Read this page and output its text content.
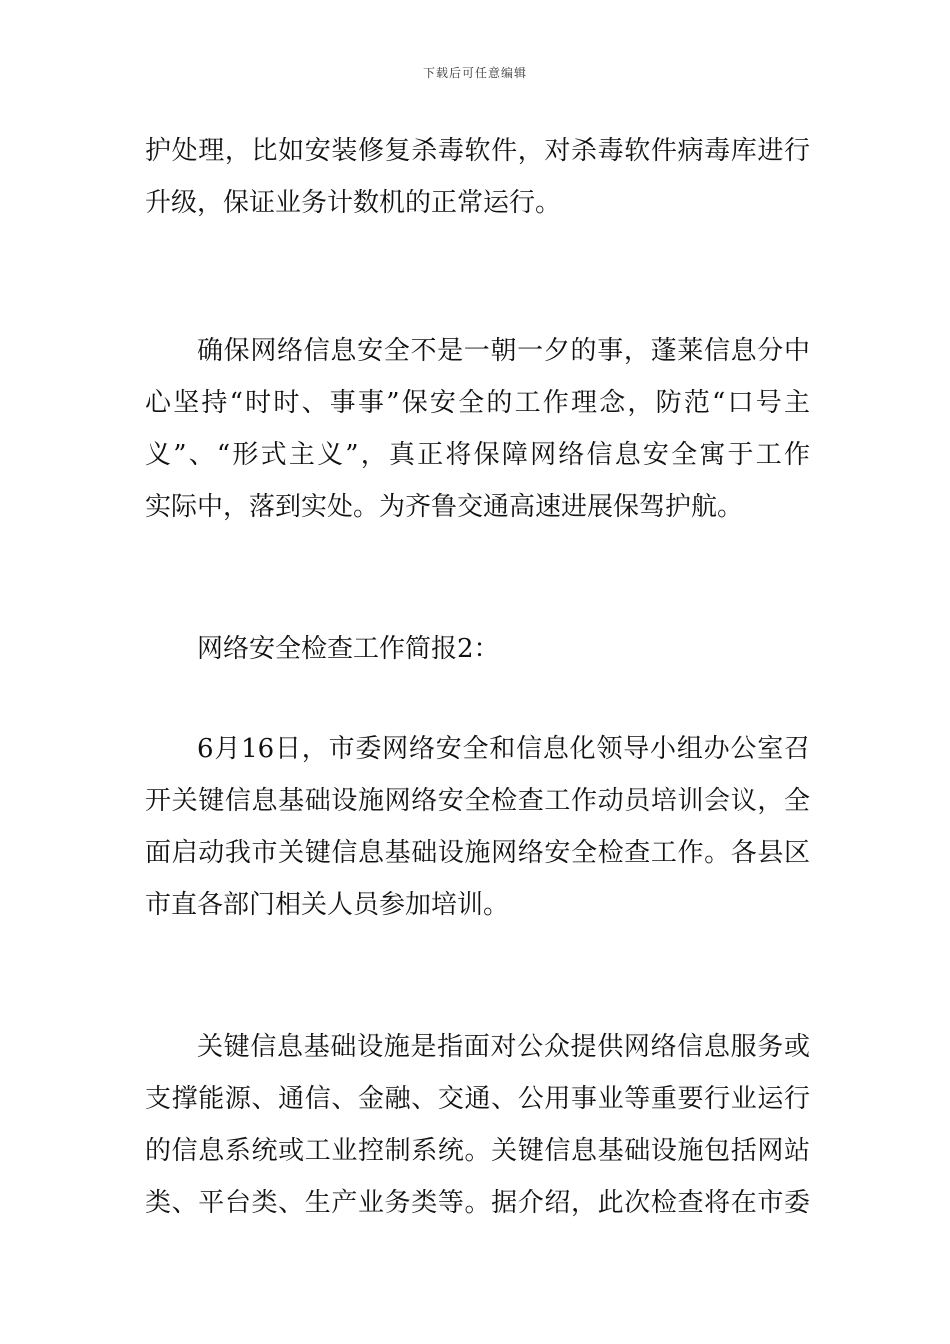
下载后可任意编辑
护处理，比如安装修复杀毒软件，对杀毒软件病毒库进行
升级，保证业务计数机的正常运行。
确保网络信息安全不是一朝一夕的事，蓬莱信息分中
心坚持“时时、事事”保安全的工作理念，防范“口号主
义”、“形式主义”，真正将保障网络信息安全寓于工作
实际中，落到实处。为齐鲁交通高速进展保驾护航。
网络安全检查工作简报2：
6月16日，市委网络安全和信息化领导小组办公室召
开关键信息基础设施网络安全检查工作动员培训会议，全
面启动我市关键信息基础设施网络安全检查工作。各县区
市直各部门相关人员参加培训。
关键信息基础设施是指面对公众提供网络信息服务或
支撑能源、通信、金融、交通、公用事业等重要行业运行
的信息系统或工业控制系统。关键信息基础设施包括网站
类、平台类、生产业务类等。据介绍，此次检查将在市委
